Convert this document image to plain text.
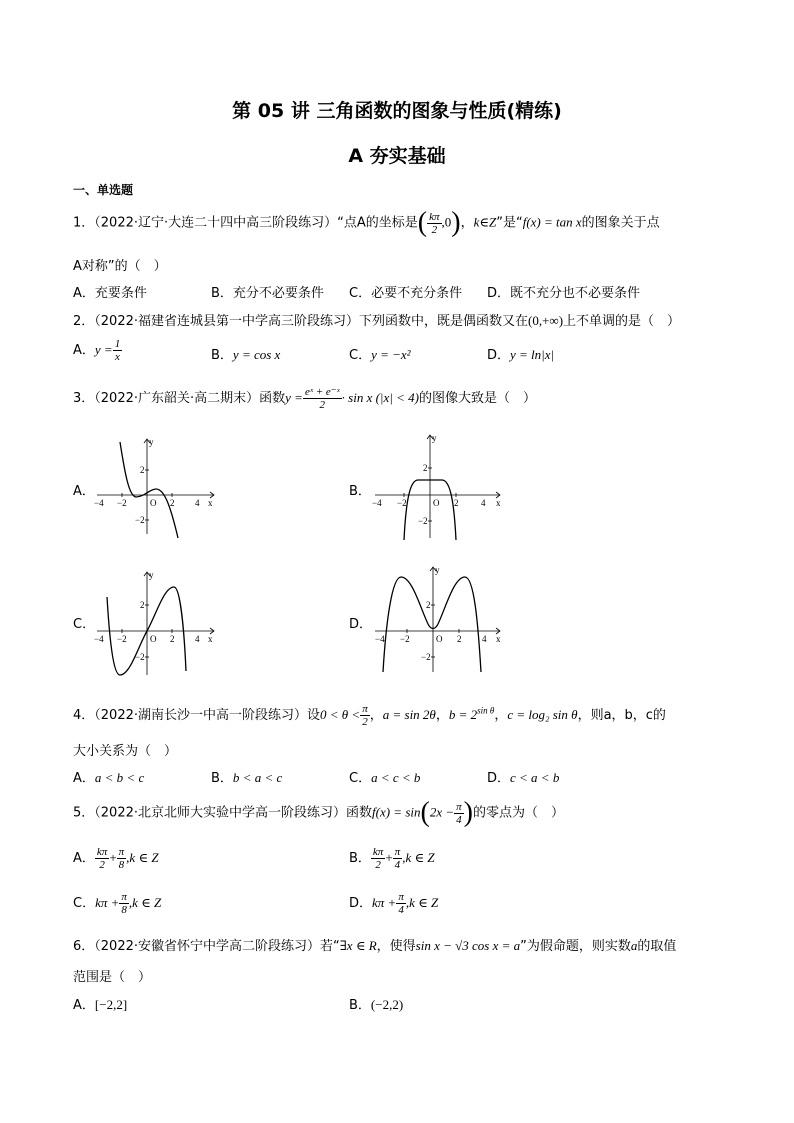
第 05 讲 三角函数的图象与性质(精练)
A 夯实基础
一、单选题
1．（2022·辽宁·大连二十四中高三阶段练习）“点A的坐标是( $\frac{k\pi}{2} ,0$)，k∈Z”是“f(x) = tan x的图象关于点
A对称”的（　）
A．充要条件	B．充分不必要条件 C．必要不充分条件 D．既不充分也不必要条件
2．（2022·福建省连城县第一中学高三阶段练习）下列函数中，既是偶函数又在(0,+∞)上不单调的是（　）
A．$y = \frac{1}{x}$	B．y = cos x	C．y = −x²	D．y = ln|x|
3．（2022·广东韶关·高二期末）函数$y = \frac{\text{eˣ + e⁻ˣ}}{2} \cdot \sin x$ (|x| < 4)的图像大致是（　）
A．	B．
C．	D．
y
x
O
−4 −2	2 4
2
−2
y
x
O
−4 −2	2	4
2
−2
y
x
O
−4 −2	2 4
2
−2
y
x
O
−4 −2	2 4
2
−2
4．（2022·湖南长沙一中高一阶段练习）设$0 < \theta < \frac{\pi}{2}$ ，a = sin 2θ，$b = 2^{sin \theta}$，c = log₂ sin θ，则a，b，c的
大小关系为（　）
A．a < b < c	B．b < a < c	C．a < c < b	D．c < a < b
5．（2022·北京北师大实验中学高一阶段练习）函数$f(x) = \sin(2x - \frac{\pi}{4}$ )的零点为（　）
A． $\frac{k\pi}{2} + \frac{\pi}{8} ,k$ ∈ Z	B． $\frac{k\pi}{2} + \frac{\pi}{4} ,k$ ∈ Z
C．$k\pi + \frac{\pi}{8} ,k$ ∈ Z	D．$k\pi + \frac{\pi}{4} ,k$ ∈ Z
6．（2022·安徽省怀宁中学高二阶段练习）若“∃x ∈ R，使得sin x − √3 cos x = a”为假命题，则实数a的取值
范围是（　）
A．[−2,2]	B．(−2,2)
